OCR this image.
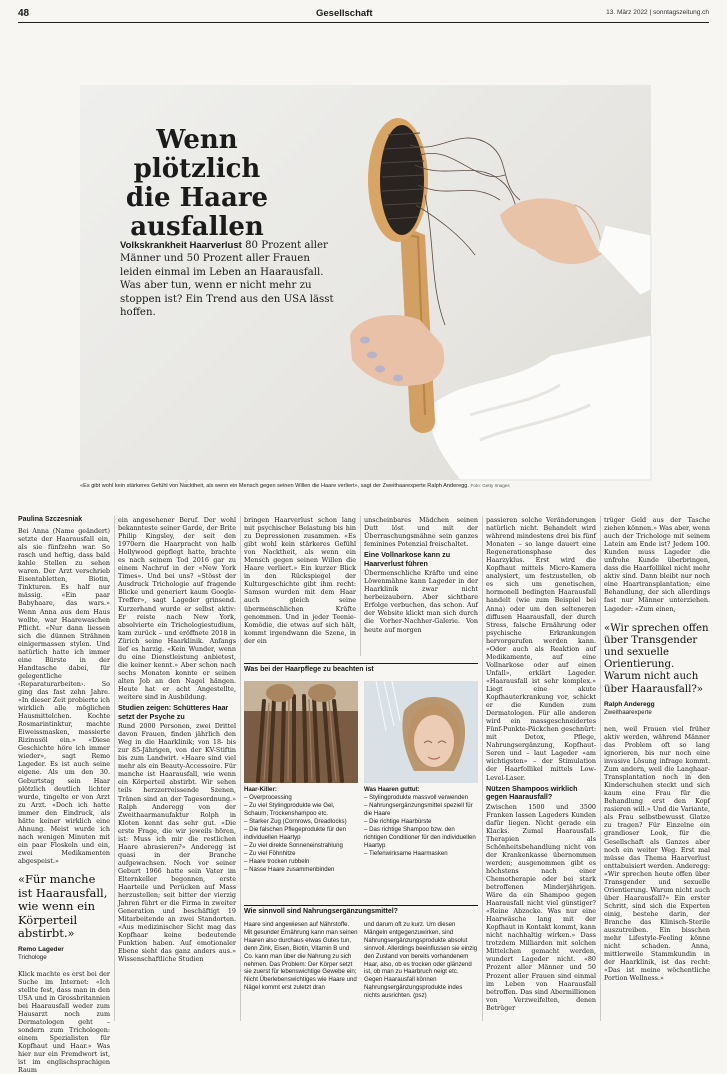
48	Gesellschaft	13. März 2022 | sonntagszeitung.ch
Wenn plötzlich die Haare ausfallen
Volkskrankheit Haarverlust 80 Prozent aller Männer und 50 Prozent aller Frauen leiden einmal im Leben an Haarausfall. Was aber tun, wenn er nicht mehr zu stoppen ist? Ein Trend aus den USA lässt hoffen.
«Es gibt wohl kein stärkeres Gefühl von Nacktheit, als wenn ein Mensch gegen seinen Willen die Haare verliert», sagt der Zweithaarexperte Ralph Anderegg. Foto: Getty Images
Paulina Szczesniak

Bei Anna (Name geändert) setzte der Haarausfall ein, als sie fünfzehn war. So rasch und heftig, dass bald kahle Stellen zu sehen waren. Der Arzt verschrieb Eisentabletten, Biotin, Tinkturen. Es half nur mässig. «Ein paar Babyhaare, das wars.» Wenn Anna aus dem Haus wollte, war Haarewaschen Pflicht. «Nur dann liessen sich die dünnen Strähnen einigermassen stylen. Und natürlich hatte ich immer eine Bürste in der Handtasche dabei, für gelegentliche ‹Reparaturarbeiten›. So ging das fast zehn Jahre. «In dieser Zeit probierte ich wirklich alle möglichen Hausmittelchen. Kochte Rosmarintinktur, machte Eiweissmasken, massierte Rizinusöl ein.» «Diese Geschichte höre ich immer wieder», sagt Remo Lageder. Es ist auch seine eigene. Als um den 30. Geburtstag sein Haar plötzlich deutlich lichter wurde, tingelte er von Arzt zu Arzt. «Doch ich hatte immer den Eindruck, als hätte keiner wirklich eine Ahnung. Meist wurde ich nach wenigen Minuten mit ein paar Floskeln und ein, zwei Medikamenten abgespeist.»

«Für manche ist Haarausfall, wie wenn ein Körperteil abstirbt.»
Remo Lageder
Trichologe

Klick machte es erst bei der Suche im Internet: «Ich stellte fest, dass man in den USA und in Grossbritannien bei Haarausfall weder zum Hausarzt noch zum Dermatologen geht – sondern zum Trichologen: einem Spezialisten für Kopfhaut und Haar.» Was hier nur ein Fremdwort ist, ist im englischsprachigen Raum

ein angesehener Beruf. Der wohl bekannteste seiner Garde, der Brite Philip Kingsley, der seit den 1970ern die Haarpracht von halb Hollywood gepflegt hatte, brachte es nach seinem Tod 2016 gar zu einem Nachruf in der «New York Times». Und bei uns? «Stösst der Ausdruck Trichologie auf fragende Blicke und generiert kaum Google-Treffer», sagt Lageder grinsend. Kurzerhand wurde er selbst aktiv: Er reiste nach New York, absolvierte ein Trichologiestudium, kam zurück – und eröffnete 2018 in Zürich seine Haarklinik. Anfangs lief es harzig. «Kein Wunder, wenn du eine Dienstleistung anbietest, die keiner kennt.» Aber schon nach sechs Monaten konnte er seinen alten Job an den Nagel hängen. Heute hat er acht Angestellte, weitere sind in Ausbildung.

Studien zeigen: Schütteres Haar setzt der Psyche zu

Rund 2000 Personen, zwei Drittel davon Frauen, finden jährlich den Weg in die Haarklinik; von 18- bis zur 85-Jährigen, von der KV-Stiftin bis zum Landwirt. «Haare sind viel mehr als ein Beauty-Accessoire. Für manche ist Haarausfall, wie wenn ein Körperteil abstirbt. Wir sehen teils herzzerreissende Szenen, Tränen sind an der Tagesordnung.» Ralph Anderegg von der Zweithaarmanufaktur Rolph in Kloten kennt das sehr gut. «Die erste Frage, die wir jeweils hören, ist: Muss ich mir die restlichen Haare abrasieren?» Anderegg ist quasi in der Branche aufgewachsen. Noch vor seiner Geburt 1966 hatte sein Vater im Elternkeller begonnen, erste Haarteile und Perücken auf Mass herzustellen; seit bitter der vierzig Jahren führt er die Firma in zweiter Generation und beschäftigt 19 Mitarbeitende an zwei Standorten. «Aus medizinischer Sicht mag das Kopfhaar keine bedeutende Funktion haben. Auf emotionaler Ebene sieht das ganz anders aus.» Wissenschaftliche Studien

bringen Haarverlust schon lang mit psychischer Belastung bis hin zu Depressionen zusammen. «Es gibt wohl kein stärkeres Gefühl von Nacktheit, als wenn ein Mensch gegen seinen Willen die Haare verliert.» Ein kurzer Blick in den Rückspiegel der Kulturgeschichte gibt ihm recht: Samson wurden mit dem Haar auch gleich seine übermenschlichen Kräfte genommen. Und in jeder Teenie-Komödie, die etwas auf sich hält, kommt irgendwann die Szene, in der ein

unscheinbares Mädchen seinen Dutt löst und mit der Überraschungsmähne sein ganzes feminines Potenzial freischaltet.

Eine Vollnarkose kann zu Haarverlust führen

Übermenschliche Kräfte und eine Löwenmähne kann Lageder in der Haarklinik zwar nicht herbeizaubern. Aber sichtbare Erfolge verbuchen, das schon. Auf der Website klickt man sich durch die Vorher-Nachher-Galerie. Von heute auf morgen

passieren solche Veränderungen natürlich nicht. Behandelt wird während mindestens drei bis fünf Monaten – so lange dauert eine Regenerationsphase des Haarzyklus. Erst wird die Kopfhaut mittels Micro-Kamera analysiert, um festzustellen, ob es sich um genetischen, hormonell bedingten Haarausfall handelt (wie zum Beispiel bei Anna) oder um den selteneren diffusen Haarausfall, der durch Stress, falsche Ernährung oder psychische Erkrankungen hervorgerufen werden kann. «Oder auch als Reaktion auf Medikamente, auf eine Vollnarkose oder auf einen Unfall», erklärt Lageder. «Haarausfall ist sehr komplex.» Liegt eine akute Kopfhauterkrankung vor, schickt er die Kunden zum Dermatologen. Für alle anderen wird ein massgeschneidertes Fünf-Punkte-Päckchen geschnürt: mit Detox, Pflege, Nahrungsergänzung, Kopfhaut-Seren und – laut Lageder «am wichtigsten» – der Stimulation der Haarfollikel mittels Low-Level-Laser.

Nützen Shampoos wirklich gegen Haarausfall?

Zwischen 1500 und 3500 Franken lassen Lageders Kunden dafür liegen. Nicht gerade ein Klacks. Zumal Haarausfall-Therapien als Schönheitsbehandlung nicht von der Krankenkasse übernommen werden; ausgenommen gibt es höchstens nach einer Chemotherapie oder bei stark betroffenen Minderjährigen. Wäre da ein Shampoo gegen Haarausfall nicht viel günstiger? «Reine Abzocke. Was nur eine Haarwäsche lang mit der Kopfhaut in Kontakt kommt, kann nicht nachhaltig wirken.» Dass trotzdem Milliarden mit solchen Mittelchen gemacht werden, wundert Lageder nicht. «80 Prozent aller Männer und 50 Prozent aller Frauen sind einmal im Leben von Haarausfall betroffen. Das sind Abermillionen von Verzweifelten, denen Betrüger

trüger Geld aus der Tasche ziehen können.» Was aber, wenn auch der Trichologe mit seinem Latein am Ende ist? Jedem 100. Kunden muss Lageder die unfrohe Kunde überbringen, dass die Haarfollikel nicht mehr aktiv sind. Dann bleibt nur noch eine Haartransplantation; eine Behandlung, der sich allerdings fast nur Männer unterziehen. Lageder: «Zum einen,

«Wir sprechen offen über Transgender und sexuelle Orientierung. Warum nicht auch über Haarausfall?»
Ralph Anderegg
Zweithaarexperte

nen, weil Frauen viel früher aktiv werden, während Männer das Problem oft so lang ignorieren, bis nur noch eine invasive Lösung infrage kommt. Zum andern, weil die Langhaar-Transplantation noch in den Kinderschuhen steckt und sich kaum eine Frau für die Behandlung erst den Kopf rasieren will.» Und die Variante, als Frau selbstbewusst Glatze zu tragen? Für Einzelne ein grandioser Look, für die Gesellschaft als Ganzes aber noch ein weiter Weg. Erst mal müsse das Thema Haarverlust enttabuisiert werden. Anderegg: «Wir sprechen heute offen über Transgender und sexuelle Orientierung. Warum nicht auch über Haarausfall?» Ein erster Schritt, sind sich die Experten einig, bestehe darin, der Branche das Klinisch-Sterile auszutreiben. Ein bisschen mehr Lifestyle-Feeling könne nicht schaden. Anna, mittlerweile Stammkundin in der Haarklinik, ist das recht: «Das ist meine wöchentliche Portion Wellness.»

Was bei der Haarpflege zu beachten ist
Haar-Killer:
– Overprocessing
– Zu viel Stylingprodukte wie Gel, Schaum, Trockenshampoo etc.
– Starker Zug (Cornrows, Dreadlocks)
– Die falschen Pflegeprodukte für den individuellen Haartyp
– Zu viel direkte Sonneneinstrahlung
– Zu viel Föhnhitze
– Haare trocken rubbeln
– Nasse Haare zusammenbinden
Was Haaren guttut:
– Stylingprodukte massvoll verwenden
– Nahrungsergänzungsmittel speziell für die Haare
– Die richtige Haarbürste
– Das richtige Shampoo bzw. den richtigen Conditioner für den individuellen Haartyp
– Tiefenwirksame Haarmasken
Wie sinnvoll sind Nahrungsergänzungsmittel?
Haare sind angewiesen auf Nährstoffe. Mit gesunder Ernährung kann man seinen Haaren also durchaus etwas Gutes tun, denn Zink, Eisen, Biotin, Vitamin B und Co. kann man über die Nahrung zu sich nehmen. Das Problem: Der Körper setzt sie zuerst für lebenswichtige Gewebe ein; Nicht Überlebenswichtiges wie Haare und Nägel kommt erst zuletzt dran
und darum oft zu kurz. Um diesen Mängeln entgegenzuwirken, sind Nahrungsergänzungsprodukte absolut sinnvoll. Allerdings beeinflussen sie einzig den Zustand von bereits vorhandenem Haar, also, ob es trocken oder glänzend ist, ob man zu Haarbruch neigt etc. Gegen Haarausfall können Nahrungsergänzungsprodukte indes nichts ausrichten. (psz)
